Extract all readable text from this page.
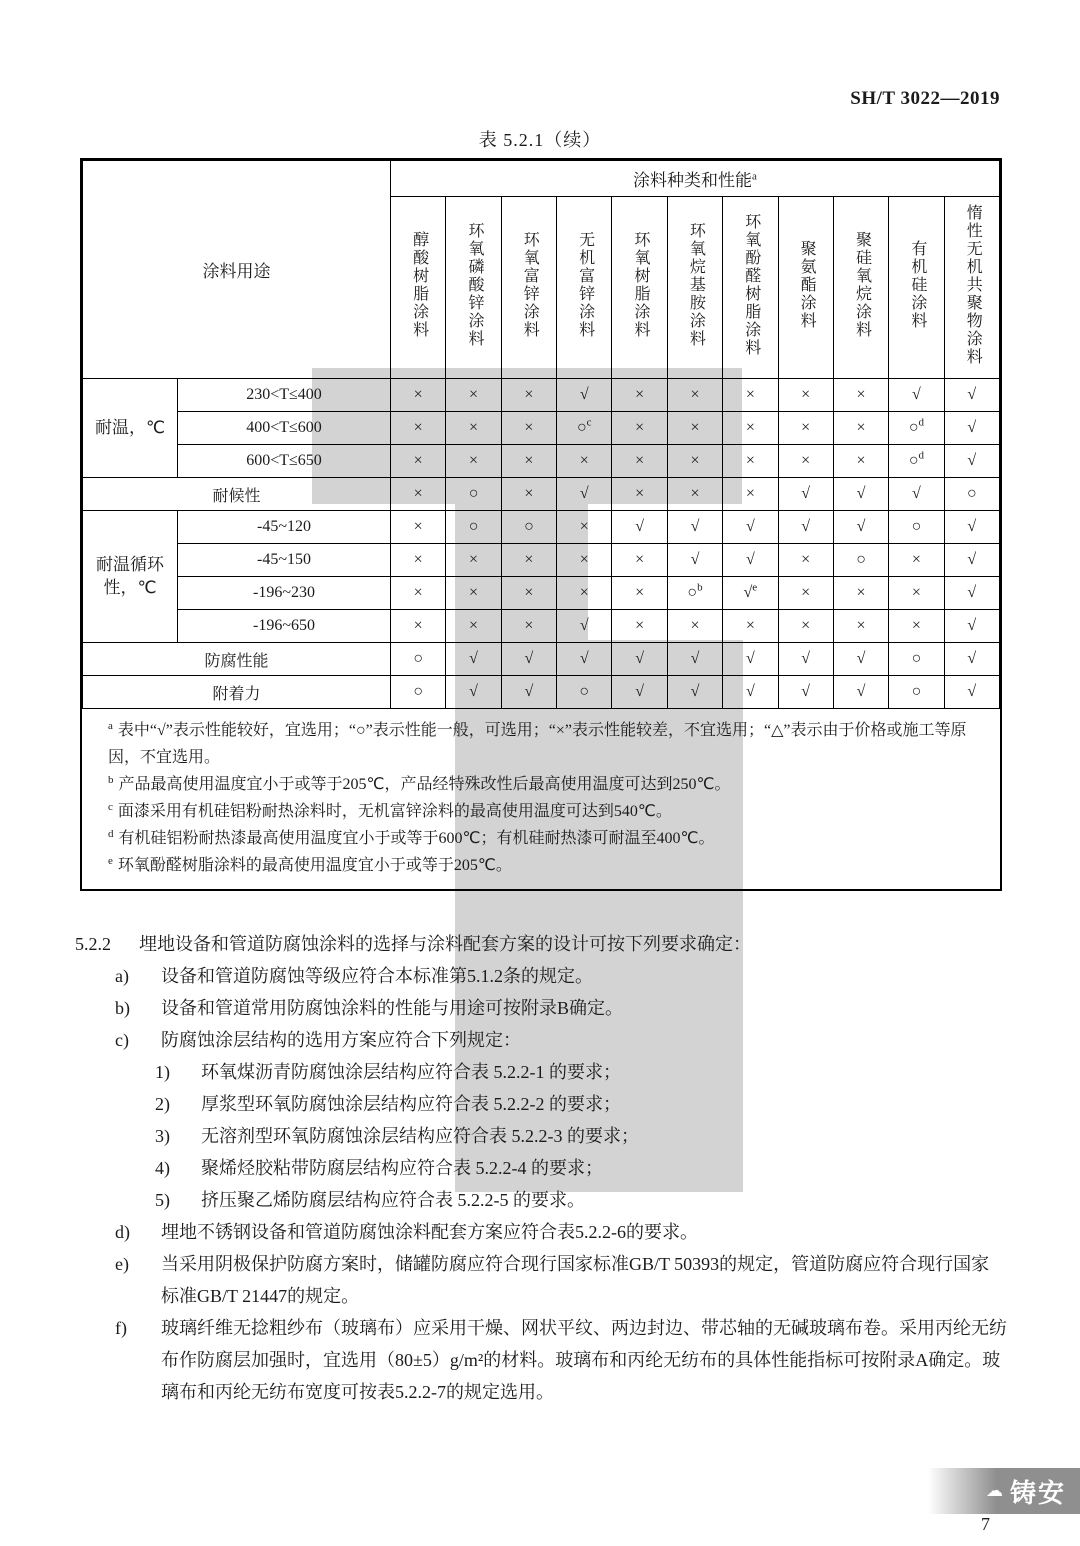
SH/T 3022—2019
表 5.2.1（续）
涂料用途		涂料种类和性能$^a$
		醇酸树脂涂料	环氧磷酸锌涂料	环氧富锌涂料	无机富锌涂料	环氧树脂涂料	环氧烷基胺涂料	环氧酚醛树脂涂料	聚氨酯涂料	聚硅氧烷涂料	有机硅涂料	惰性无机共聚物涂料
耐温，℃	230<T≤400	×	×	×	√	×	×	×	×	×	√	√
	400<T≤600	×	×	×	○$^c$	×	×	×	×	×	○$^d$	√
	600<T≤650	×	×	×	×	×	×	×	×	×	○$^d$	√
耐候性		×	○	×	√	×	×	×	√	√	√	○
耐温循环性，℃	-45~120	×	○	○	×	√	√	√	√	√	○	√
	-45~150	×	×	×	×	×	√	√	×	○	×	√
	-196~230	×	×	×	×	×	○$^b$	√$^e$	×	×	×	√
	-196~650	×	×	×	√	×	×	×	×	×	×	√
防腐性能		○	√	√	√	√	√	√	√	√	○	√
附着力		○	√	√	○	√	√	√	√	√	○	√
$^a$ 表中“√”表示性能较好，宜选用；“○”表示性能一般，可选用；“×”表示性能较差，不宜选用；“△”表示由于价格或施工等原因，不宜选用。
$^b$ 产品最高使用温度宜小于或等于205℃，产品经特殊改性后最高使用温度可达到250℃。
$^c$ 面漆采用有机硅铝粉耐热涂料时，无机富锌涂料的最高使用温度可达到540℃。
$^d$ 有机硅铝粉耐热漆最高使用温度宜小于或等于600℃；有机硅耐热漆可耐温至400℃。
$^e$ 环氧酚醛树脂涂料的最高使用温度宜小于或等于205℃。
5.2.2	埋地设备和管道防腐蚀涂料的选择与涂料配套方案的设计可按下列要求确定：
a)	设备和管道防腐蚀等级应符合本标准第5.1.2条的规定。
b)	设备和管道常用防腐蚀涂料的性能与用途可按附录B确定。
c)	防腐蚀涂层结构的选用方案应符合下列规定：
1)	环氧煤沥青防腐蚀涂层结构应符合表 5.2.2-1 的要求；
2)	厚浆型环氧防腐蚀涂层结构应符合表 5.2.2-2 的要求；
3)	无溶剂型环氧防腐蚀涂层结构应符合表 5.2.2-3 的要求；
4)	聚烯烃胶粘带防腐层结构应符合表 5.2.2-4 的要求；
5)	挤压聚乙烯防腐层结构应符合表 5.2.2-5 的要求。
d)	埋地不锈钢设备和管道防腐蚀涂料配套方案应符合表5.2.2-6的要求。
e)	当采用阴极保护防腐方案时，储罐防腐应符合现行国家标准GB/T 50393的规定，管道防腐应符合现行国家标准GB/T 21447的规定。
f)	玻璃纤维无捻粗纱布（玻璃布）应采用干燥、网状平纹、两边封边、带芯轴的无碱玻璃布卷。采用丙纶无纺布作防腐层加强时，宜选用（80±5）g/m²的材料。玻璃布和丙纶无纺布的具体性能指标可按附录A确定。玻璃布和丙纶无纺布宽度可按表5.2.2-7的规定选用。
☁ 铸安
7
